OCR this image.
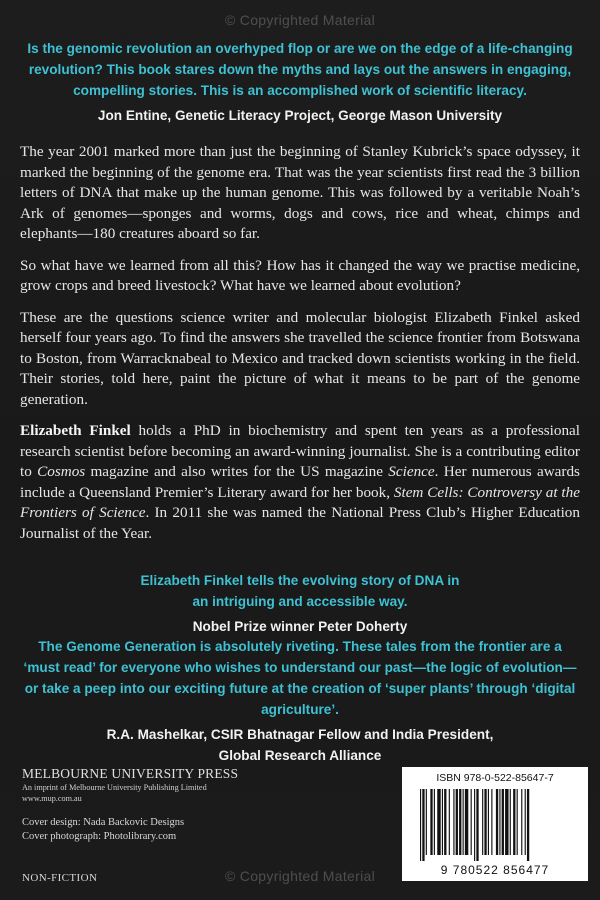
© Copyrighted Material
Is the genomic revolution an overhyped flop or are we on the edge of a life-changing revolution? This book stares down the myths and lays out the answers in engaging, compelling stories. This is an accomplished work of scientific literacy.
Jon Entine, Genetic Literacy Project, George Mason University

The year 2001 marked more than just the beginning of Stanley Kubrick’s space odyssey, it marked the beginning of the genome era. That was the year scientists first read the 3 billion letters of DNA that make up the human genome. This was followed by a veritable Noah’s Ark of genomes—sponges and worms, dogs and cows, rice and wheat, chimps and elephants—180 creatures aboard so far.

So what have we learned from all this? How has it changed the way we practise medicine, grow crops and breed livestock? What have we learned about evolution?

These are the questions science writer and molecular biologist Elizabeth Finkel asked herself four years ago. To find the answers she travelled the science frontier from Botswana to Boston, from Warracknabeal to Mexico and tracked down scientists working in the field. Their stories, told here, paint the picture of what it means to be part of the genome generation.

Elizabeth Finkel holds a PhD in biochemistry and spent ten years as a professional research scientist before becoming an award-winning journalist. She is a contributing editor to Cosmos magazine and also writes for the US magazine Science. Her numerous awards include a Queensland Premier’s Literary award for her book, Stem Cells: Controversy at the Frontiers of Science. In 2011 she was named the National Press Club’s Higher Education Journalist of the Year.

Elizabeth Finkel tells the evolving story of DNA in an intriguing and accessible way.
Nobel Prize winner Peter Doherty
The Genome Generation is absolutely riveting. These tales from the frontier are a ‘must read’ for everyone who wishes to understand our past—the logic of evolution—or take a peep into our exciting future at the creation of ‘super plants’ through ‘digital agriculture’.
R.A. Mashelkar, CSIR Bhatnagar Fellow and India President,
Global Research Alliance
MELBOURNE UNIVERSITY PRESS
An imprint of Melbourne University Publishing Limited
www.mup.com.au
Cover design: Nada Backovic Designs
Cover photograph: Photolibrary.com
NON-FICTION
ISBN 978-0-522-85647-7
9 780522 856477
© Copyrighted Material
